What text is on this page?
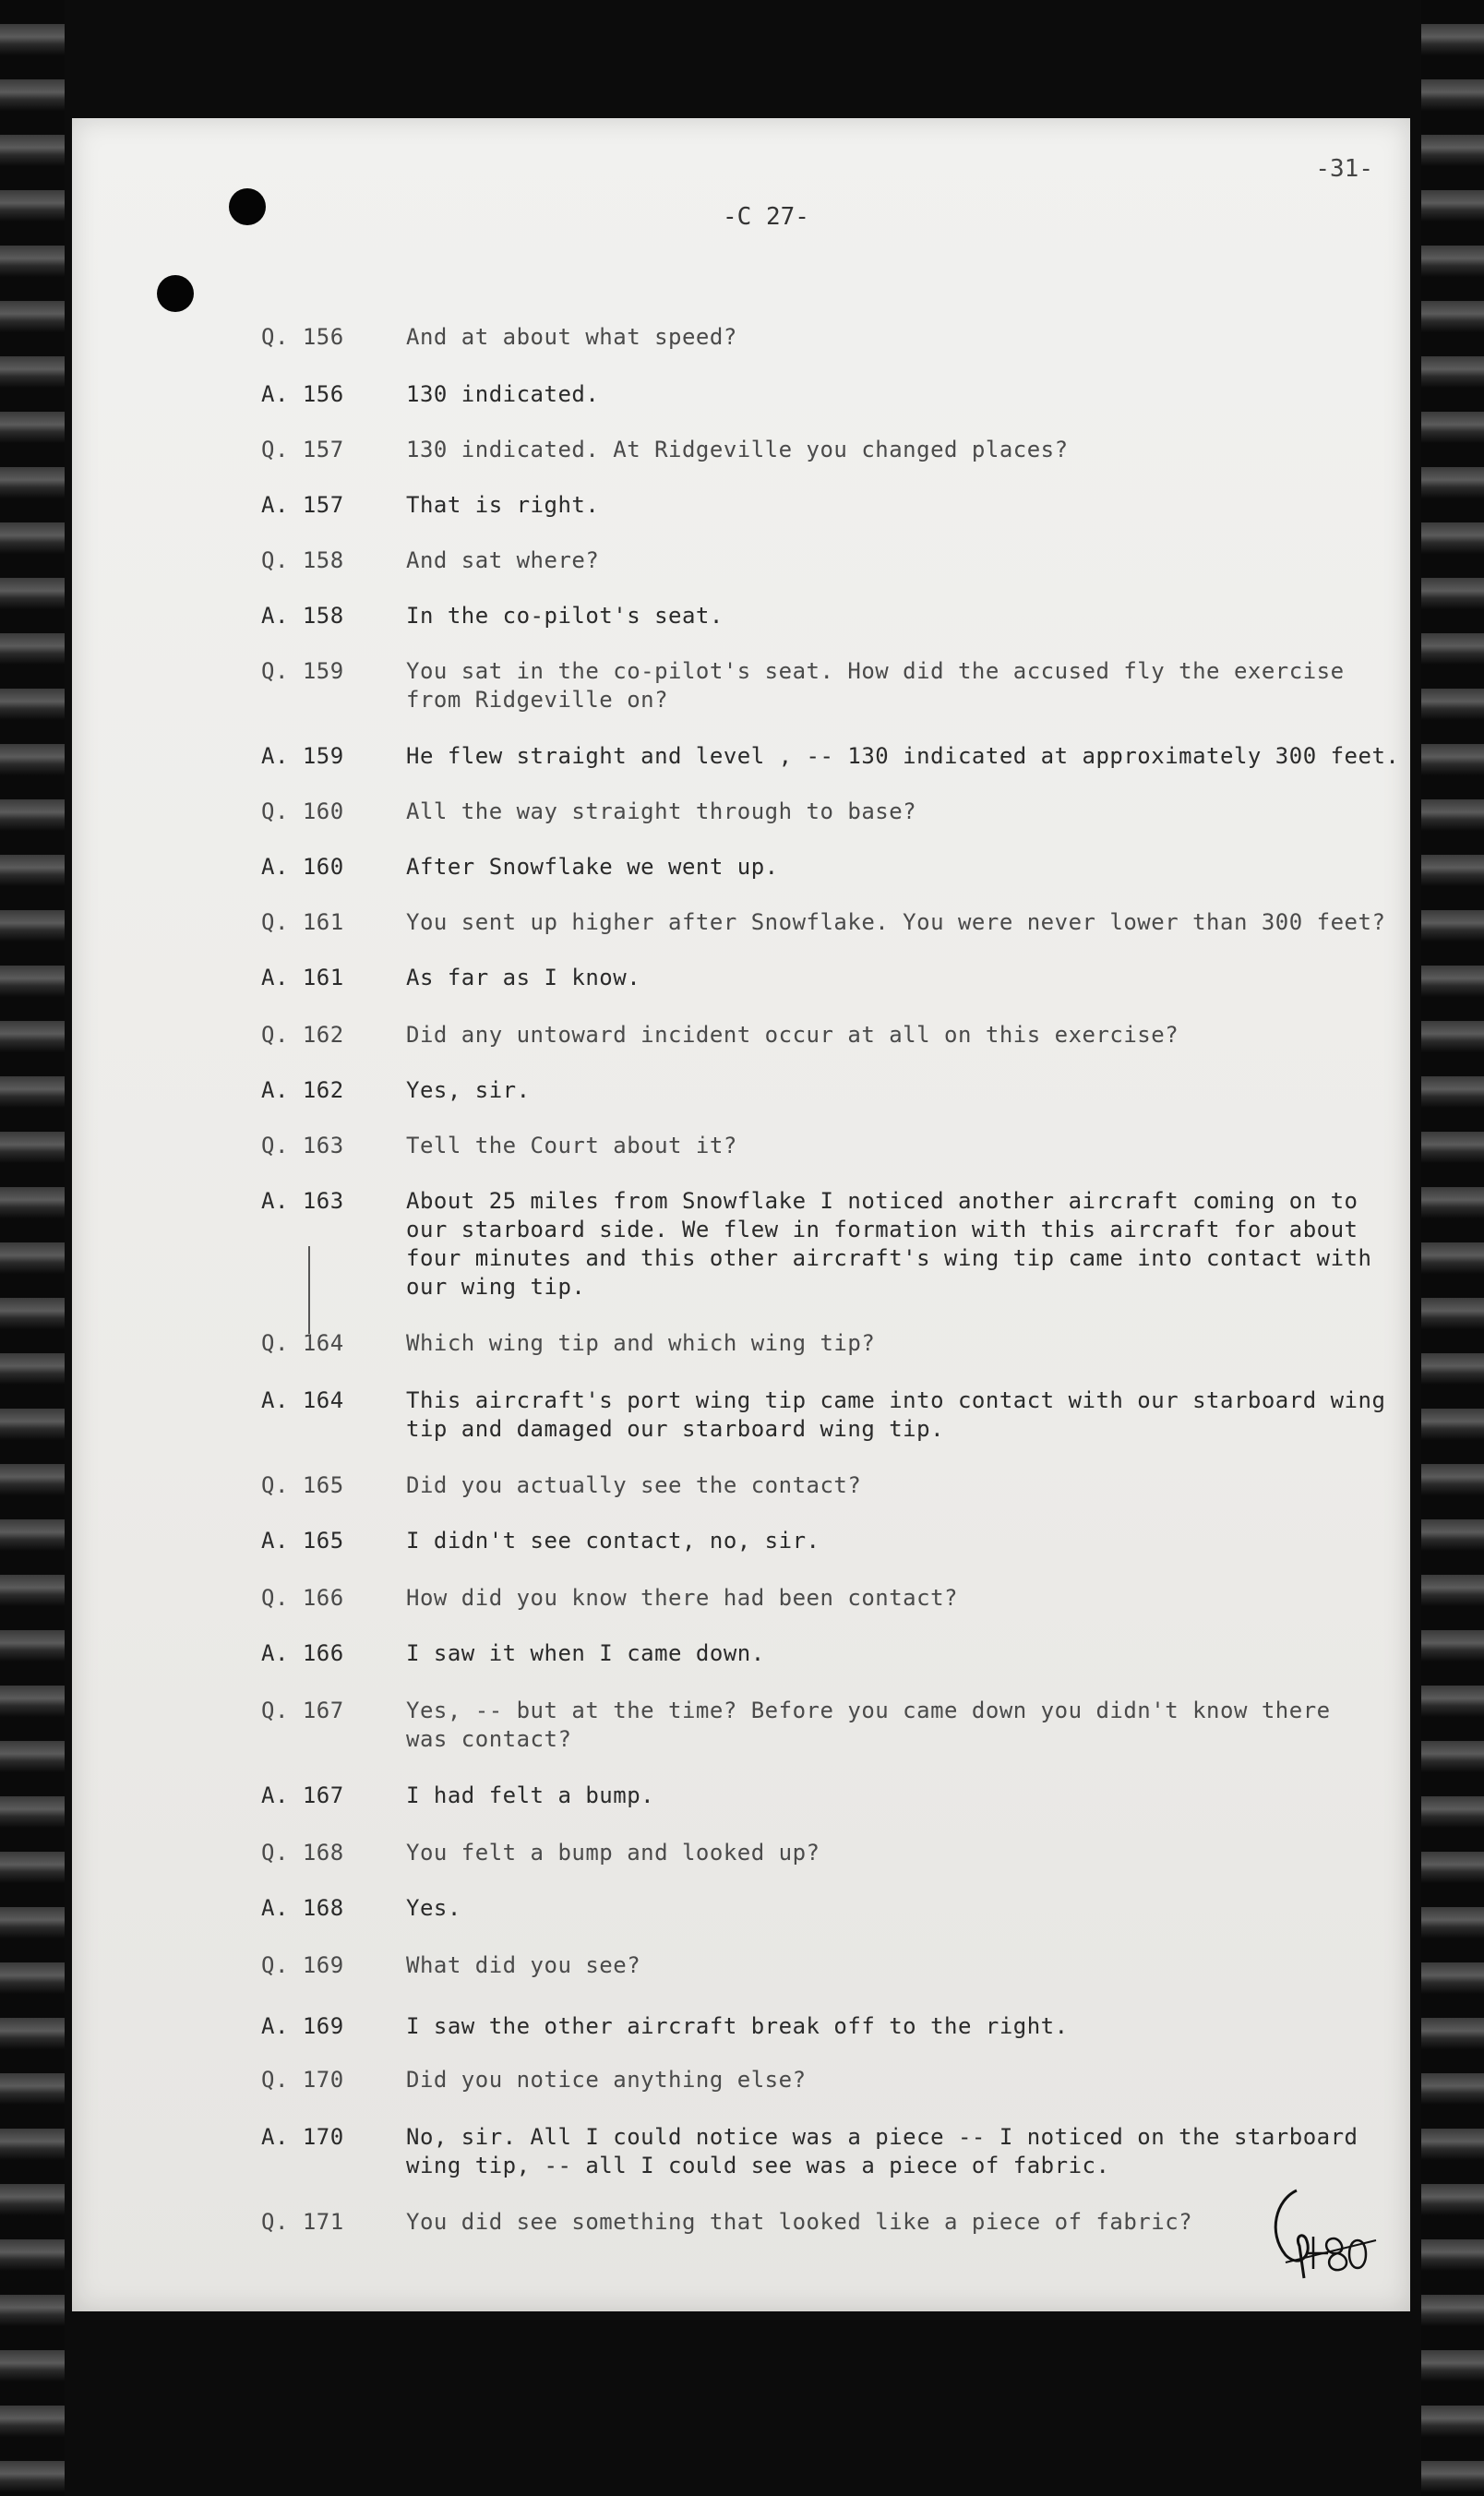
-31-
-C 27-
Q. 156	And at about what speed?
A. 156	130 indicated.
Q. 157	130 indicated. At Ridgeville you changed places?
A. 157	That is right.
Q. 158	And sat where?
A. 158	In the co-pilot's seat.
Q. 159	You sat in the co-pilot's seat. How did the accused fly the exercise
from Ridgeville on?
A. 159	He flew straight and level , -- 130 indicated at approximately 300 feet.
Q. 160	All the way straight through to base?
A. 160	After Snowflake we went up.
Q. 161	You sent up higher after Snowflake. You were never lower than 300 feet?
A. 161	As far as I know.
Q. 162	Did any untoward incident occur at all on this exercise?
A. 162	Yes, sir.
Q. 163	Tell the Court about it?
A. 163	About 25 miles from Snowflake I noticed another aircraft coming on to
our starboard side. We flew in formation with this aircraft for about
four minutes and this other aircraft's wing tip came into contact with
our wing tip.
Q. 164	Which wing tip and which wing tip?
A. 164	This aircraft's port wing tip came into contact with our starboard wing
tip and damaged our starboard wing tip.
Q. 165	Did you actually see the contact?
A. 165	I didn't see contact, no, sir.
Q. 166	How did you know there had been contact?
A. 166	I saw it when I came down.
Q. 167	Yes, -- but at the time? Before you came down you didn't know there
was contact?
A. 167	I had felt a bump.
Q. 168	You felt a bump and looked up?
A. 168	Yes.
Q. 169	What did you see?
A. 169	I saw the other aircraft break off to the right.
Q. 170	Did you notice anything else?
A. 170	No, sir. All I could notice was a piece -- I noticed on the starboard
wing tip, -- all I could see was a piece of fabric.
Q. 171	You did see something that looked like a piece of fabric?
